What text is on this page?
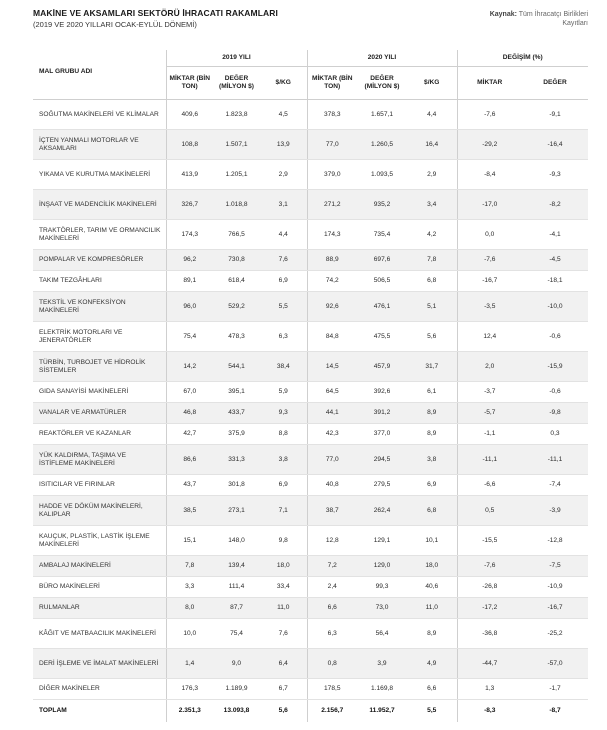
MAKİNE VE AKSAMLARI SEKTÖRÜ İHRACATI RAKAMLARI
(2019 VE 2020 YILLARI OCAK-EYLÜL DÖNEMİ)
Kaynak: Tüm İhracatçı Birlikleri Kayıtları
MAL GRUBU ADI	2019 YILI			2020 YILI			DEĞİŞİM (%)	
	MİKTAR (BİN TON)	DEĞER (MİLYON $)	$/KG	MİKTAR (BİN TON)	DEĞER (MİLYON $)	$/KG	MİKTAR	DEĞER
SOĞUTMA MAKİNELERİ VE KLİMALAR	409,6	1.823,8	4,5	378,3	1.657,1	4,4	-7,6	-9,1
İÇTEN YANMALI MOTORLAR VE AKSAMLARI	108,8	1.507,1	13,9	77,0	1.260,5	16,4	-29,2	-16,4
YIKAMA VE KURUTMA MAKİNELERİ	413,9	1.205,1	2,9	379,0	1.093,5	2,9	-8,4	-9,3
İNŞAAT VE MADENCİLİK MAKİNELERİ	326,7	1.018,8	3,1	271,2	935,2	3,4	-17,0	-8,2
TRAKTÖRLER, TARIM VE ORMANCILIK MAKİNELERİ	174,3	766,5	4,4	174,3	735,4	4,2	0,0	-4,1
POMPALAR VE KOMPRESÖRLER	96,2	730,8	7,6	88,9	697,6	7,8	-7,6	-4,5
TAKIM TEZGÂHLARI	89,1	618,4	6,9	74,2	506,5	6,8	-16,7	-18,1
TEKSTİL VE KONFEKSİYON MAKİNELERİ	96,0	529,2	5,5	92,6	476,1	5,1	-3,5	-10,0
ELEKTRİK MOTORLARI VE JENERATÖRLER	75,4	478,3	6,3	84,8	475,5	5,6	12,4	-0,6
TÜRBİN, TURBOJET VE HİDROLİK SİSTEMLER	14,2	544,1	38,4	14,5	457,9	31,7	2,0	-15,9
GIDA SANAYİSİ MAKİNELERİ	67,0	395,1	5,9	64,5	392,6	6,1	-3,7	-0,6
VANALAR VE ARMATÜRLER	46,8	433,7	9,3	44,1	391,2	8,9	-5,7	-9,8
REAKTÖRLER VE KAZANLAR	42,7	375,9	8,8	42,3	377,0	8,9	-1,1	0,3
YÜK KALDIRMA, TAŞIMA VE İSTİFLEME MAKİNELERİ	86,6	331,3	3,8	77,0	294,5	3,8	-11,1	-11,1
ISITICILAR VE FIRINLAR	43,7	301,8	6,9	40,8	279,5	6,9	-6,6	-7,4
HADDE VE DÖKÜM MAKİNELERİ, KALIPLAR	38,5	273,1	7,1	38,7	262,4	6,8	0,5	-3,9
KAUÇUK, PLASTİK, LASTİK İŞLEME MAKİNELERİ	15,1	148,0	9,8	12,8	129,1	10,1	-15,5	-12,8
AMBALAJ MAKİNELERİ	7,8	139,4	18,0	7,2	129,0	18,0	-7,6	-7,5
BÜRO MAKİNELERİ	3,3	111,4	33,4	2,4	99,3	40,6	-26,8	-10,9
RULMANLAR	8,0	87,7	11,0	6,6	73,0	11,0	-17,2	-16,7
KÂĞIT VE MATBAACILIK MAKİNELERİ	10,0	75,4	7,6	6,3	56,4	8,9	-36,8	-25,2
DERİ İŞLEME VE İMALAT MAKİNELERİ	1,4	9,0	6,4	0,8	3,9	4,9	-44,7	-57,0
DİĞER MAKİNELER	176,3	1.189,9	6,7	178,5	1.169,8	6,6	1,3	-1,7
TOPLAM	2.351,3	13.093,8	5,6	2.156,7	11.952,7	5,5	-8,3	-8,7
